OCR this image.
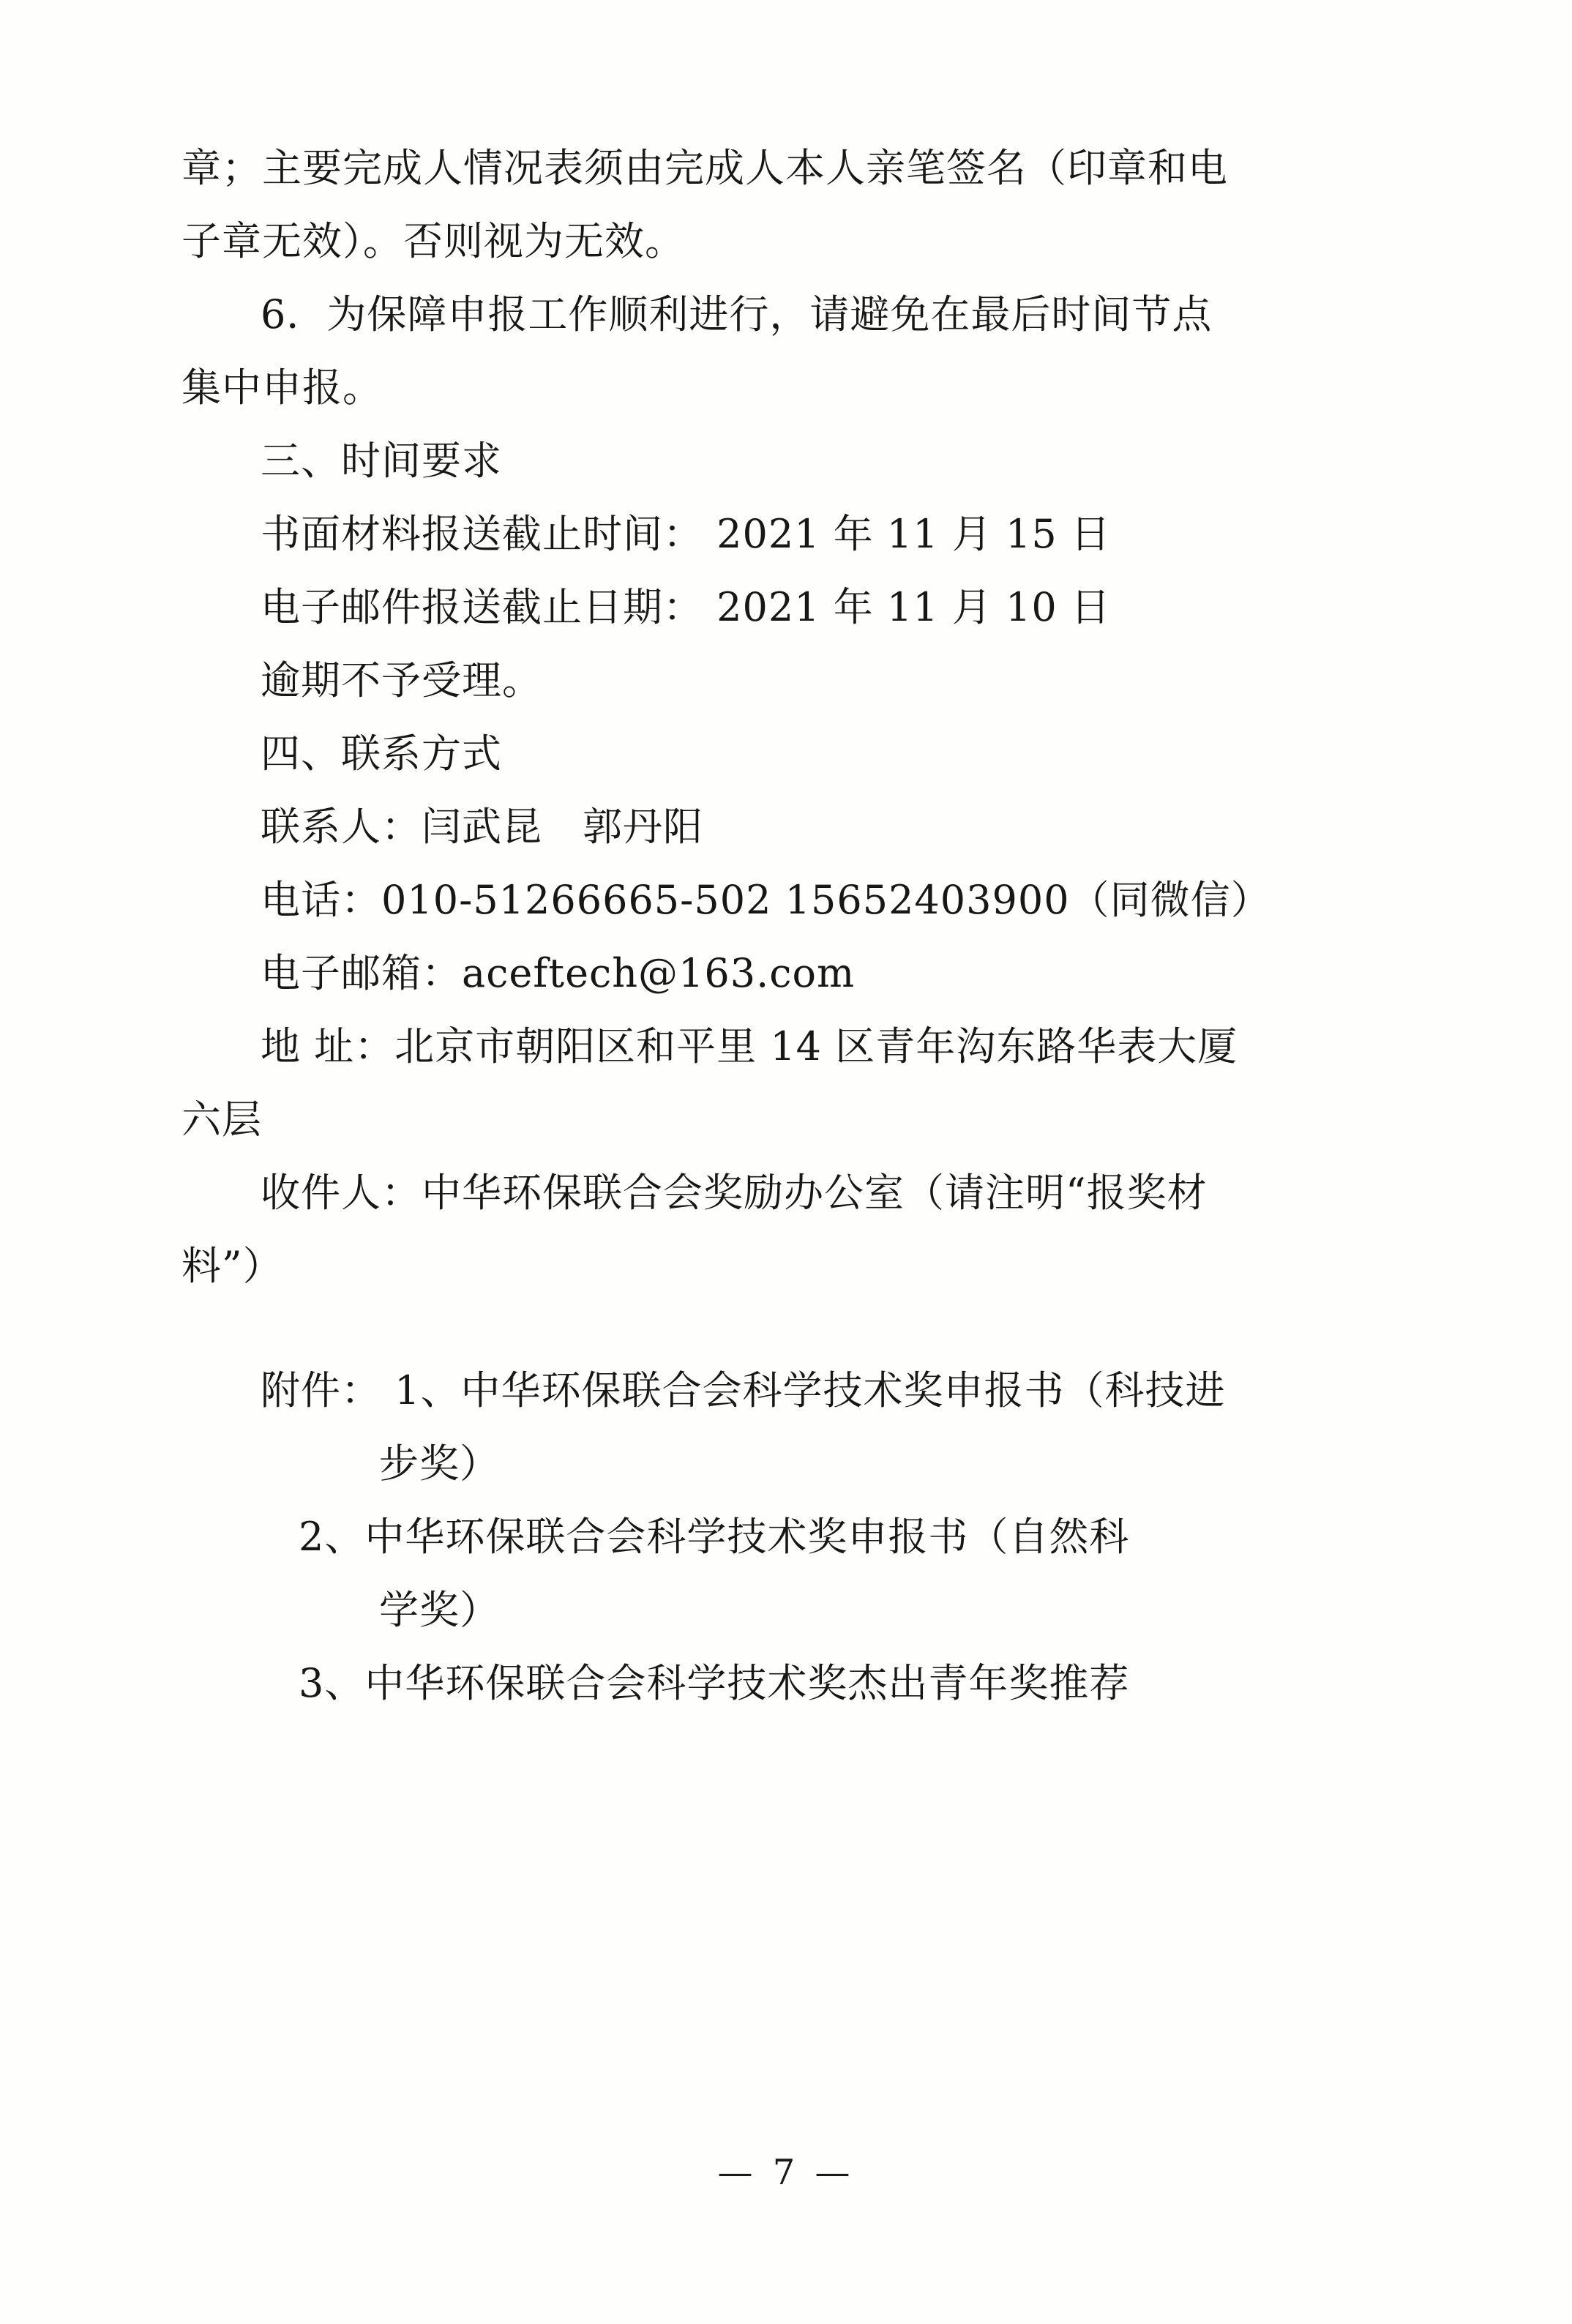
章；主要完成人情况表须由完成人本人亲笔签名（印章和电
子章无效）。否则视为无效。
6．为保障申报工作顺利进行，请避免在最后时间节点
集中申报。
三、时间要求
书面材料报送截止时间： 2021 年 11 月 15 日
电子邮件报送截止日期： 2021 年 11 月 10 日
逾期不予受理。
四、联系方式
联系人：闫武昆　郭丹阳
电话：010-51266665-502 15652403900（同微信）
电子邮箱：aceftech@163.com
地 址：北京市朝阳区和平里 14 区青年沟东路华表大厦
六层
收件人：中华环保联合会奖励办公室（请注明“报奖材
料”）
附件： 1、中华环保联合会科学技术奖申报书（科技进
步奖）
2、中华环保联合会科学技术奖申报书（自然科
学奖）
3、中华环保联合会科学技术奖杰出青年奖推荐
— 7 —
